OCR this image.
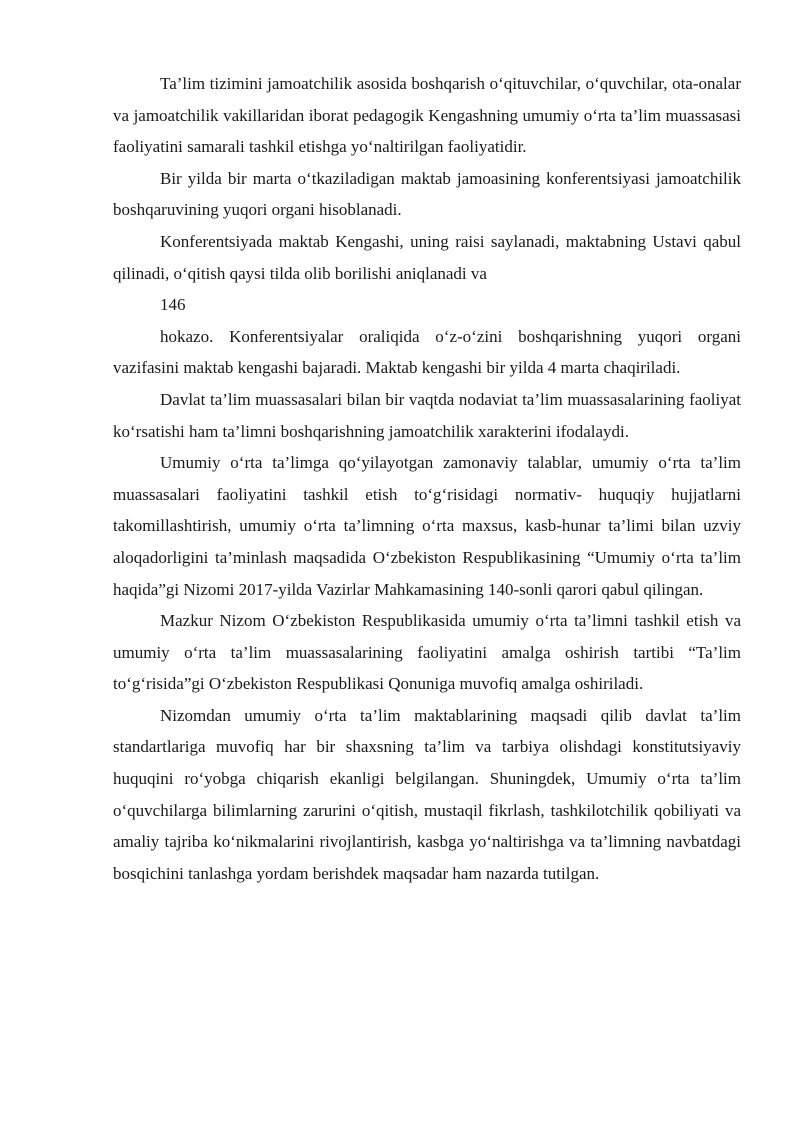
Ta’lim tizimini jamoatchilik asosida boshqarish o‘qituvchilar, o‘quvchilar, ota-onalar va jamoatchilik vakillaridan iborat pedagogik Kengashning umumiy o‘rta ta’lim muassasasi faoliyatini samarali tashkil etishga yo‘naltirilgan faoliyatidir.

Bir yilda bir marta o‘tkaziladigan maktab jamoasining konferentsiyasi jamoatchilik boshqaruvining yuqori organi hisoblanadi.

Konferentsiyada maktab Kengashi, uning raisi saylanadi, maktabning Ustavi qabul qilinadi, o‘qitish qaysi tilda olib borilishi aniqlanadi va

146

hokazo. Konferentsiyalar oraliqida o‘z-o‘zini boshqarishning yuqori organi vazifasini maktab kengashi bajaradi. Maktab kengashi bir yilda 4 marta chaqiriladi.

Davlat ta’lim muassasalari bilan bir vaqtda nodaviat ta’lim muassasalarining faoliyat ko‘rsatishi ham ta’limni boshqarishning jamoatchilik xarakterini ifodalaydi.

Umumiy o‘rta ta’limga qo‘yilayotgan zamonaviy talablar, umumiy o‘rta ta’lim muassasalari faoliyatini tashkil etish to‘g‘risidagi normativ- huquqiy hujjatlarni takomillashtirish, umumiy o‘rta ta’limning o‘rta maxsus, kasb-hunar ta’limi bilan uzviy aloqadorligini ta’minlash maqsadida O‘zbekiston Respublikasining “Umumiy o‘rta ta’lim haqida”gi Nizomi 2017-yilda Vazirlar Mahkamasining 140-sonli qarori qabul qilingan.

Mazkur Nizom O‘zbekiston Respublikasida umumiy o‘rta ta’limni tashkil etish va umumiy o‘rta ta’lim muassasalarining faoliyatini amalga oshirish tartibi “Ta’lim to‘g‘risida”gi O‘zbekiston Respublikasi Qonuniga muvofiq amalga oshiriladi.

Nizomdan umumiy o‘rta ta’lim maktablarining maqsadi qilib davlat ta’lim standartlariga muvofiq har bir shaxsning ta’lim va tarbiya olishdagi konstitutsiyaviy huquqini ro‘yobga chiqarish ekanligi belgilangan. Shuningdek, Umumiy o‘rta ta’lim o‘quvchilarga bilimlarning zarurini o‘qitish, mustaqil fikrlash, tashkilotchilik qobiliyati va amaliy tajriba ko‘nikmalarini rivojlantirish, kasbga yo‘naltirishga va ta’limning navbatdagi bosqichini tanlashga yordam berishdek maqsadar ham nazarda tutilgan.
